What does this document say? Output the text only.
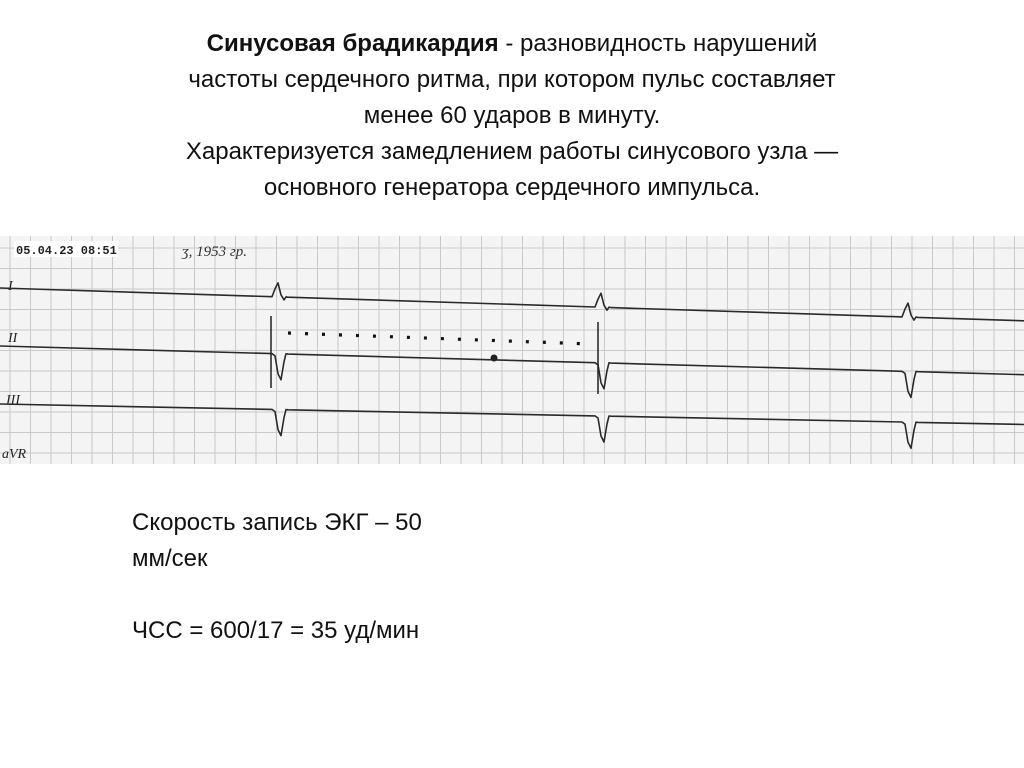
Синусовая брадикардия - разновидность нарушений
частоты сердечного ритма, при котором пульс составляет
менее 60 ударов в минуту.
Характеризуется замедлением работы синусового узла —
основного генератора сердечного импульса.
05.04.23 08:51	ʒ, 1953 гр.
I
II
III
aVR
Скорость запись ЭКГ – 50
мм/сек
ЧСС = 600/17 = 35 уд/мин
